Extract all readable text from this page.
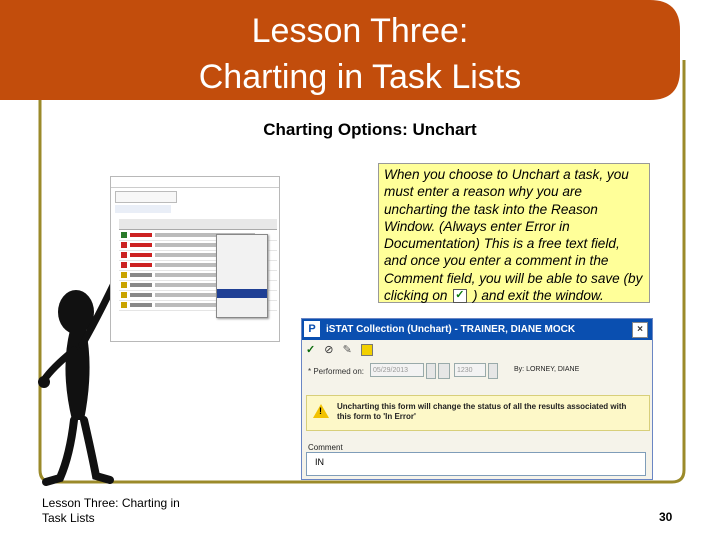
Lesson Three:
Charting in Task Lists
Charting Options: Unchart
When you choose to Unchart a task, you must enter a reason why you are uncharting the task into the Reason Window. (Always enter Error in Documentation) This is a free text field, and once you enter a comment in the Comment field, you will be able to save (by clicking on ✓ ) and exit the window.
P	iSTAT Collection (Unchart) - TRAINER, DIANE MOCK	×
✓ ⊘ ✎
* Performed on:	05/29/2013	1230	By: LORNEY, DIANE
!
Uncharting this form will change the status of all the results associated with this form to 'In Error'
Comment
IN
Lesson Three: Charting in Task Lists	30
